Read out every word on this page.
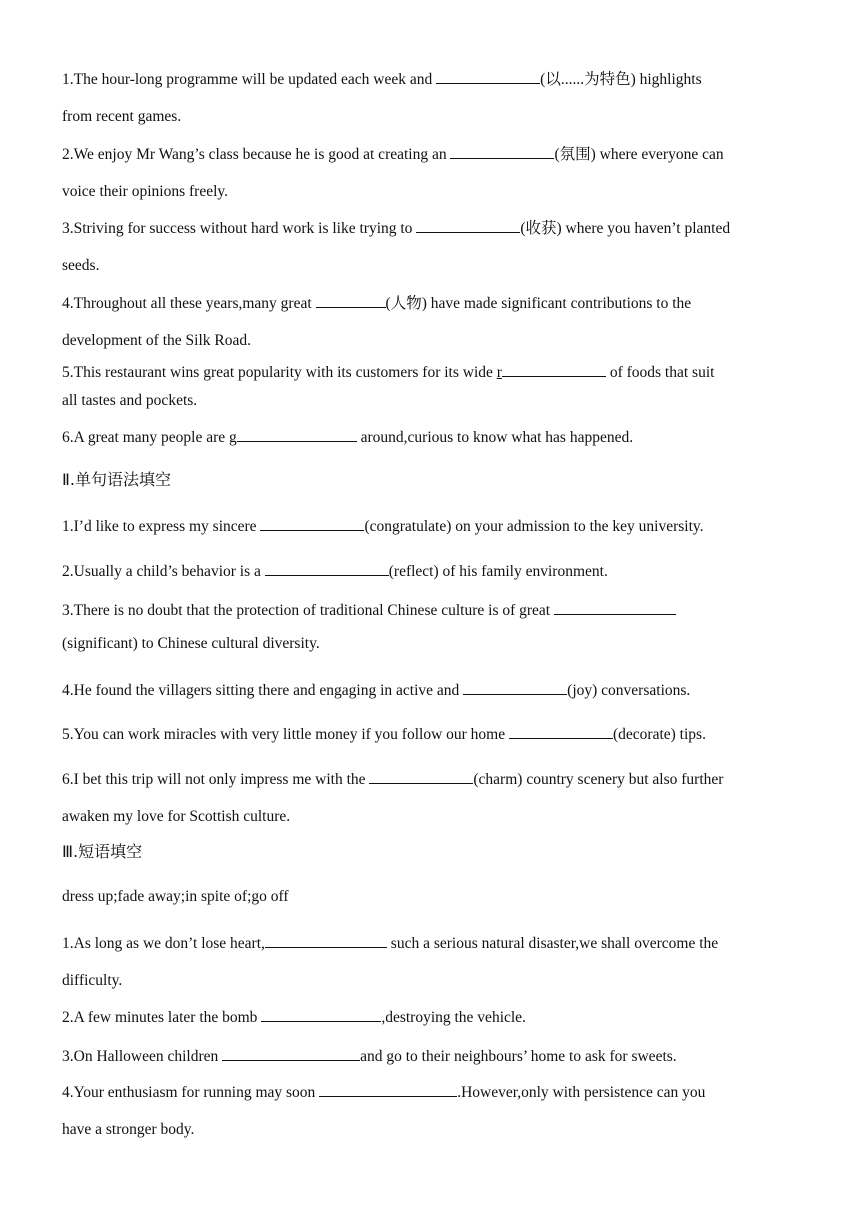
1.The hour-long programme will be updated each week and	(以......为特色) highlights
from recent games.
2.We enjoy Mr Wang’s class because he is good at creating an	(氛围) where everyone can
voice their opinions freely.
3.Striving for success without hard work is like trying to	(收获) where you haven’t planted
seeds.
4.Throughout all these years,many great	(人物) have made significant contributions to the
development of the Silk Road.
5.This restaurant wins great popularity with its customers for its wide r	of foods that suit
all tastes and pockets.
6.A great many people are g	around,curious to know what has happened.
Ⅱ.单句语法填空
1.I’d like to express my sincere	(congratulate) on your admission to the key university.
2.Usually a child’s behavior is a	(reflect) of his family environment.
3.There is no doubt that the protection of traditional Chinese culture is of great
(significant) to Chinese cultural diversity.
4.He found the villagers sitting there and engaging in active and	(joy) conversations.
5.You can work miracles with very little money if you follow our home	(decorate) tips.
6.I bet this trip will not only impress me with the	(charm) country scenery but also further
awaken my love for Scottish culture.
Ⅲ.短语填空
dress up;fade away;in spite of;go off
1.As long as we don’t lose heart,	such a serious natural disaster,we shall overcome the
difficulty.
2.A few minutes later the bomb	,destroying the vehicle.
3.On Halloween children	and go to their neighbours’ home to ask for sweets.
4.Your enthusiasm for running may soon	.However,only with persistence can you
have a stronger body.
